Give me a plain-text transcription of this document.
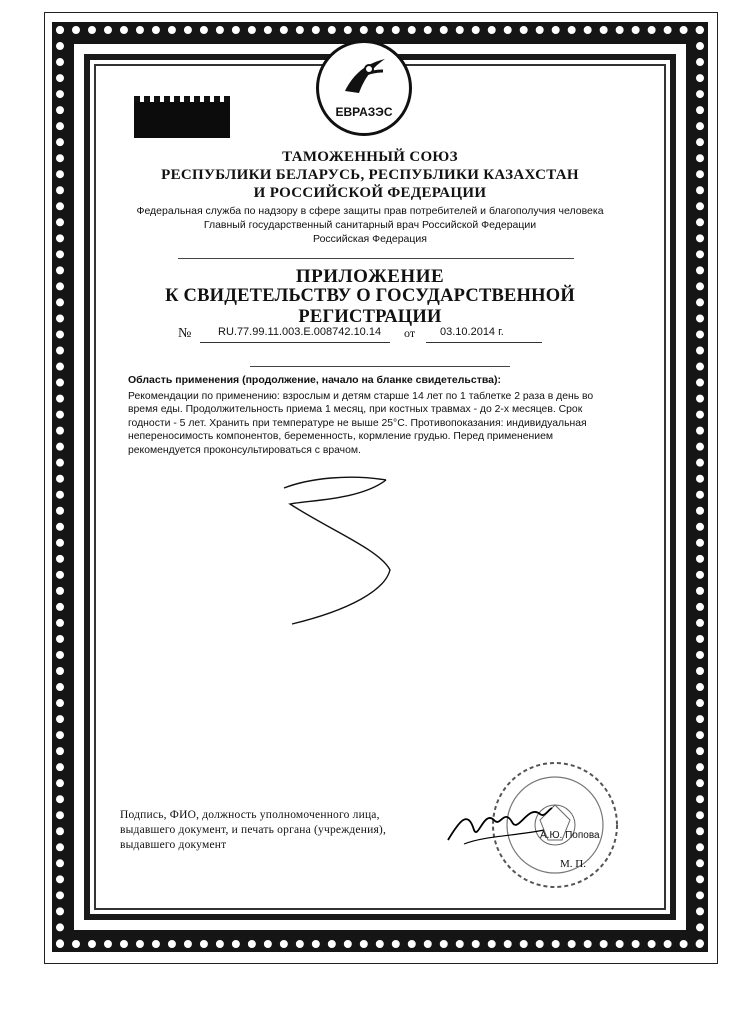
ЕВРАЗЭС
ТАМОЖЕННЫЙ СОЮЗ
РЕСПУБЛИКИ БЕЛАРУСЬ, РЕСПУБЛИКИ КАЗАХСТАН
И РОССИЙСКОЙ ФЕДЕРАЦИИ
Федеральная служба по надзору в сфере защиты прав потребителей и благополучия человека
Главный государственный санитарный врач Российской Федерации
Российская Федерация
ПРИЛОЖЕНИЕ
К СВИДЕТЕЛЬСТВУ О ГОСУДАРСТВЕННОЙ РЕГИСТРАЦИИ
№ RU.77.99.11.003.E.008742.10.14 от 03.10.2014 г.
Область применения (продолжение, начало на бланке свидетельства):
Рекомендации по применению: взрослым и детям старше 14 лет по 1 таблетке 2 раза в день во время еды. Продолжительность приема 1 месяц, при костных травмах - до 2-х месяцев. Срок годности - 5 лет. Хранить при температуре не выше 25°С. Противопоказания: индивидуальная непереносимость компонентов, беременность, кормление грудью. Перед применением рекомендуется проконсультироваться с врачом.
Подпись, ФИО, должность уполномоченного лица, выдавшего документ, и печать органа (учреждения), выдавшего документ
А.Ю. Попова
М. П.
